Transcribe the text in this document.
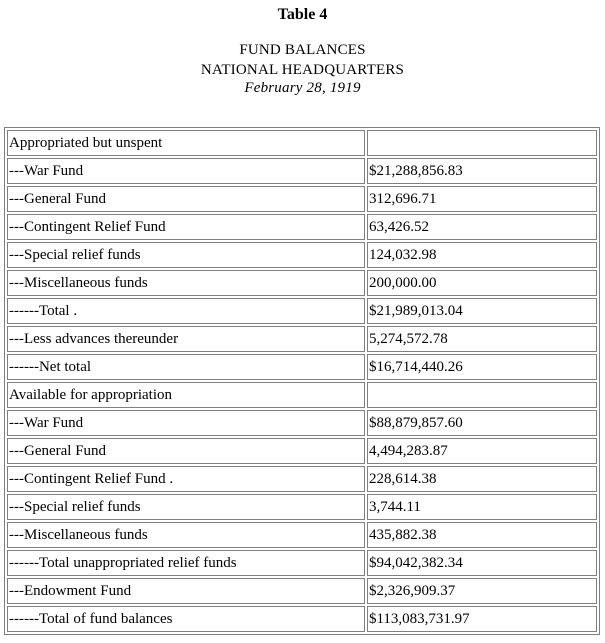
Table 4
FUND BALANCES
NATIONAL HEADQUARTERS
February 28, 1919
Appropriated but unspent	
---War Fund	$21,288,856.83
---General Fund	312,696.71
---Contingent Relief Fund	63,426.52
---Special relief funds	124,032.98
---Miscellaneous funds	200,000.00
------Total .	$21,989,013.04
---Less advances thereunder	5,274,572.78
------Net total	$16,714,440.26
Available for appropriation	
---War Fund	$88,879,857.60
---General Fund	4,494,283.87
---Contingent Relief Fund .	228,614.38
---Special relief funds	3,744.11
---Miscellaneous funds	435,882.38
------Total unappropriated relief funds	$94,042,382.34
---Endowment Fund	$2,326,909.37
------Total of fund balances	$113,083,731.97
